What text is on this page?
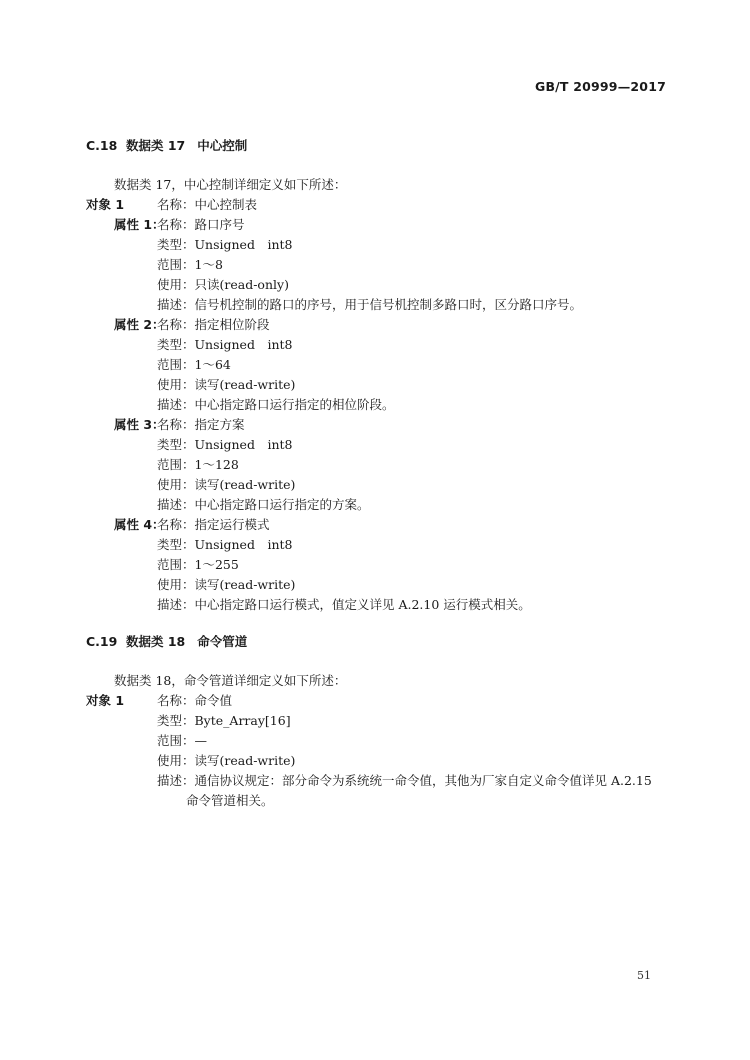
GB/T 20999—2017
C.18 数据类 17 中心控制
数据类 17，中心控制详细定义如下所述：
对象 1	名称：中心控制表
属性 1：
名称：路口序号
类型：Unsigned　int8
范围：1～8
使用：只读(read-only)
描述：信号机控制的路口的序号，用于信号机控制多路口时，区分路口序号。
属性 2：
名称：指定相位阶段
类型：Unsigned　int8
范围：1～64
使用：读写(read-write)
描述：中心指定路口运行指定的相位阶段。
属性 3：
名称：指定方案
类型：Unsigned　int8
范围：1～128
使用：读写(read-write)
描述：中心指定路口运行指定的方案。
属性 4：
名称：指定运行模式
类型：Unsigned　int8
范围：1～255
使用：读写(read-write)
描述：中心指定路口运行模式，值定义详见 A.2.10 运行模式相关。
C.19 数据类 18 命令管道
数据类 18，命令管道详细定义如下所述：
对象 1	名称：命令值
类型：Byte_Array[16]
范围：—
使用：读写(read-write)
描述：通信协议规定：部分命令为系统统一命令值，其他为厂家自定义命令值详见 A.2.15
命令管道相关。
51
